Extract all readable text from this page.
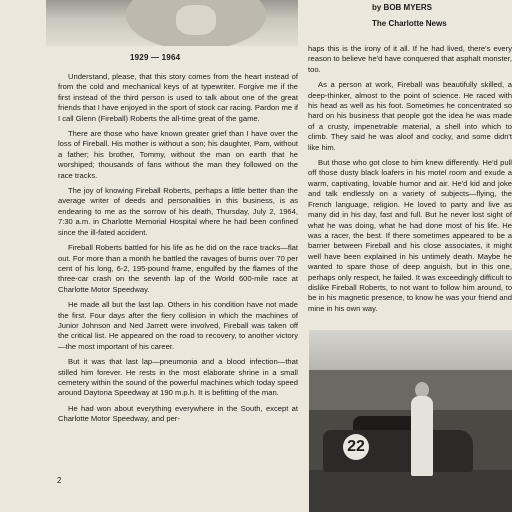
1929 — 1964
by BOB MYERS
The Charlotte News

Understand, please, that this story comes from the heart instead of from the cold and mechanical keys of at typewriter. Forgive me if the first instead of the third person is used to talk about one of the great friends that I have enjoyed in the sport of stock car racing. Pardon me if I call Glenn (Fireball) Roberts the all-time great of the game.

There are those who have known greater grief than I have over the loss of Fireball. His mother is without a son; his daughter, Pam, without a father; his brother, Tommy, without the man on earth that he worshiped; thousands of fans without the man they followed on the race tracks.

The joy of knowing Fireball Roberts, perhaps a little better than the average writer of deeds and personalities in this business, is as endearing to me as the sorrow of his death, Thursday, July 2, 1964, 7:30 a.m. in Charlotte Memorial Hospital where he had been confined since the ill-fated accident.

Fireball Roberts battled for his life as he did on the race tracks—flat out. For more than a month he battled the ravages of burns over 70 per cent of his long, 6-2, 195-pound frame, engulfed by the flames of the three-car crash on the seventh lap of the World 600-mile race at Charlotte Motor Speedway.

He made all but the last lap. Others in his condition have not made the first. Four days after the fiery collision in which the machines of Junior Johnson and Ned Jarrett were involved, Fireball was taken off the critical list. He appeared on the road to recovery, to another victory—the most important of his career.

But it was that last lap—pneumonia and a blood infection—that stilled him forever. He rests in the most elaborate shrine in a small cemetery within the sound of the powerful machines which today speed around Daytona Speedway at 190 m.p.h. It is befitting of the man.

He had won about everything everywhere in the South, except at Charlotte Motor Speedway, and per-

haps this is the irony of it all. If he had lived, there's every reason to believe he'd have conquered that asphalt monster, too.

As a person at work, Fireball was beautifully skilled, a deep-thinker, almost to the point of science. He raced with his head as well as his foot. Sometimes he concentrated so hard on his business that people got the idea he was made of a crusty, impenetrable material, a shell into which to climb. They said he was aloof and cocky, and some didn't like him.

But those who got close to him knew differently. He'd pull off those dusty black loafers in his motel room and exude a warm, captivating, lovable humor and air. He'd kid and joke and talk endlessly on a variety of subjects—flying, the French language, religion. He loved to party and live as many did in his day, fast and full. But he never lost sight of what he was doing, what he had done most of his life. He was a racer, the best. If there sometimes appeared to be a barrier between Fireball and his close associates, it might well have been explained in his untimely death. Maybe he wanted to spare those of deep anguish, but in this one, perhaps only respect, he failed. It was exceedingly difficult to dislike Fireball Roberts, to not want to follow him around, to be in his magnetic presence, to know he was your friend and mine in his own way.

22
2
